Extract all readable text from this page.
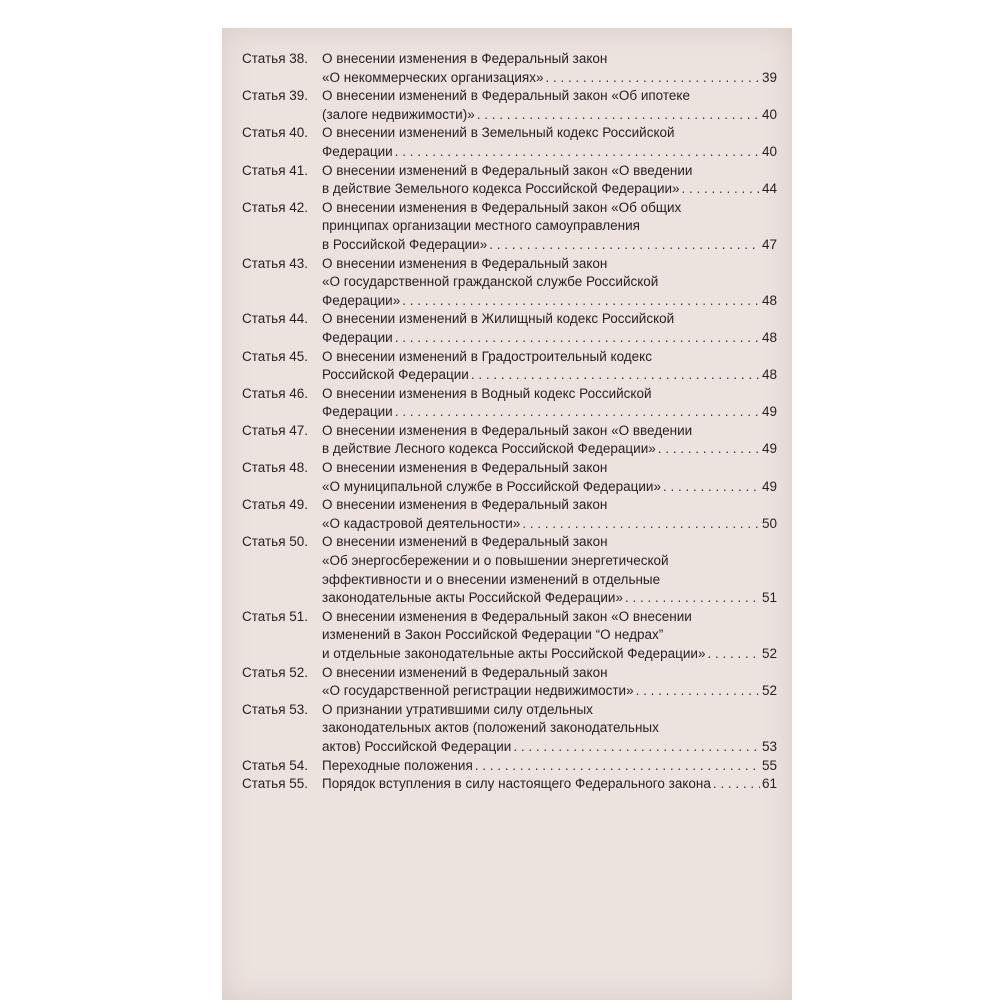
Статья 38.	О внесении изменения в Федеральный закон
«О некоммерческих организациях» . . .	39
Статья 39.	О внесении изменений в Федеральный закон «Об ипотеке
(залоге недвижимости)» . . .	40
Статья 40.	О внесении изменений в Земельный кодекс Российской
Федерации . . .	40
Статья 41.	О внесении изменений в Федеральный закон «О введении
в действие Земельного кодекса Российской Федерации» . . .	44
Статья 42.	О внесении изменения в Федеральный закон «Об общих
принципах организации местного самоуправления
в Российской Федерации» . . .	47
Статья 43.	О внесении изменения в Федеральный закон
«О государственной гражданской службе Российской
Федерации» . . .	48
Статья 44.	О внесении изменений в Жилищный кодекс Российской
Федерации . . .	48
Статья 45.	О внесении изменений в Градостроительный кодекс
Российской Федерации . . .	48
Статья 46.	О внесении изменения в Водный кодекс Российской
Федерации . . .	49
Статья 47.	О внесении изменения в Федеральный закон «О введении
в действие Лесного кодекса Российской Федерации» . . .	49
Статья 48.	О внесении изменения в Федеральный закон
«О муниципальной службе в Российской Федерации» . . .	49
Статья 49.	О внесении изменения в Федеральный закон
«О кадастровой деятельности» . . .	50
Статья 50.	О внесении изменений в Федеральный закон
«Об энергосбережении и о повышении энергетической
эффективности и о внесении изменений в отдельные
законодательные акты Российской Федерации» . . .	51
Статья 51.	О внесении изменения в Федеральный закон «О внесении
изменений в Закон Российской Федерации “О недрах”
и отдельные законодательные акты Российской Федерации» . . .	52
Статья 52.	О внесении изменений в Федеральный закон
«О государственной регистрации недвижимости» . . .	52
Статья 53.	О признании утратившими силу отдельных
законодательных актов (положений законодательных
актов) Российской Федерации . . .	53
Статья 54.	Переходные положения . . .	55
Статья 55.	Порядок вступления в силу настоящего Федерального закона . . .	61
